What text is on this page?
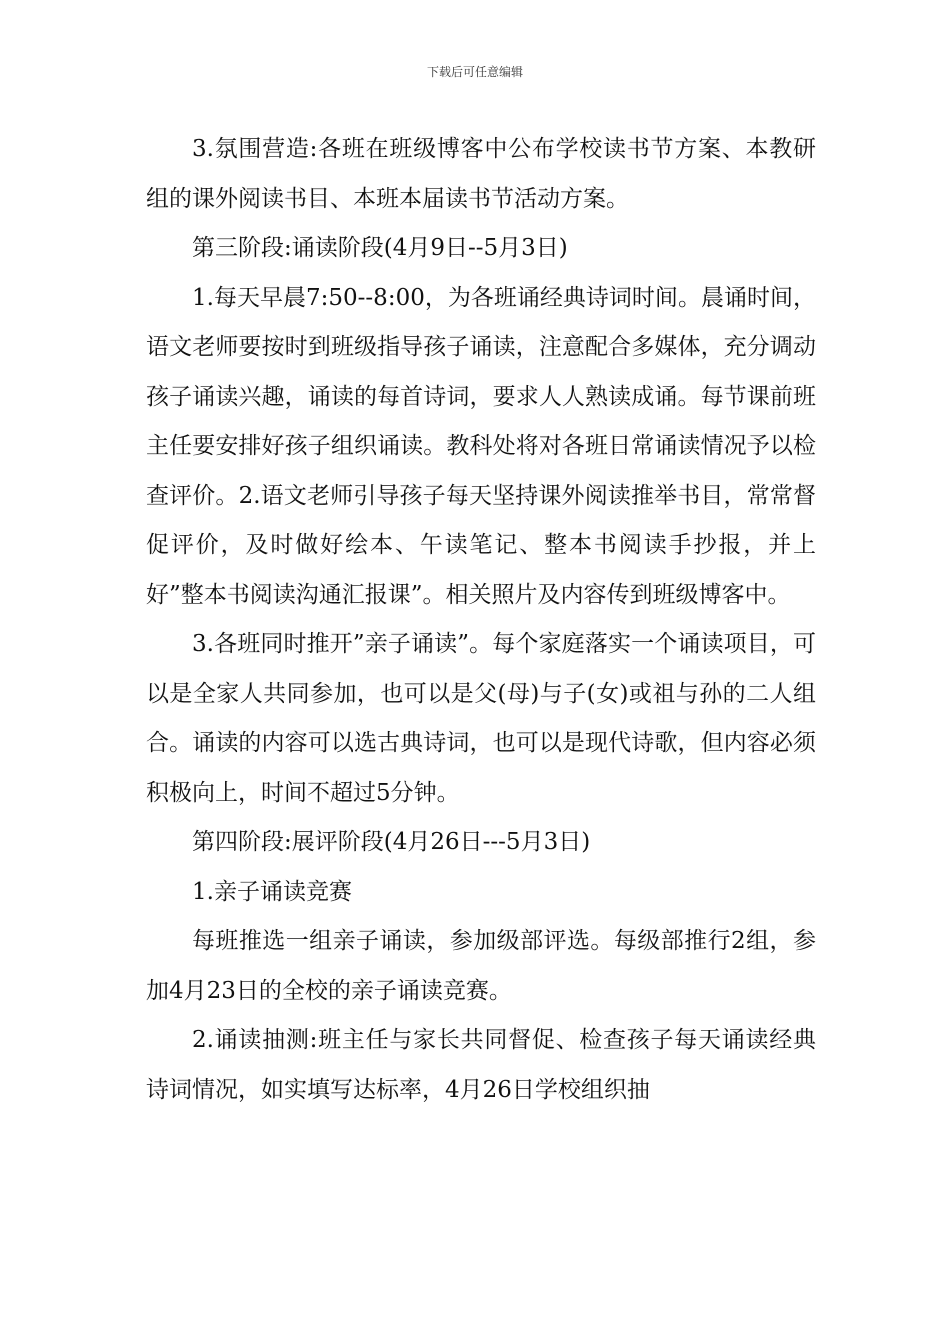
下载后可任意编辑

3.氛围营造:各班在班级博客中公布学校读书节方案、本教研组的课外阅读书目、本班本届读书节活动方案。

第三阶段:诵读阶段(4月9日--5月3日)

1.每天早晨7:50--8:00，为各班诵经典诗词时间。晨诵时间，语文老师要按时到班级指导孩子诵读，注意配合多媒体，充分调动孩子诵读兴趣，诵读的每首诗词，要求人人熟读成诵。每节课前班主任要安排好孩子组织诵读。教科处将对各班日常诵读情况予以检查评价。2.语文老师引导孩子每天坚持课外阅读推举书目，常常督促评价，及时做好绘本、午读笔记、整本书阅读手抄报，并上好”整本书阅读沟通汇报课”。相关照片及内容传到班级博客中。

3.各班同时推开”亲子诵读”。每个家庭落实一个诵读项目，可以是全家人共同参加，也可以是父(母)与子(女)或祖与孙的二人组合。诵读的内容可以选古典诗词，也可以是现代诗歌，但内容必须积极向上，时间不超过5分钟。

第四阶段:展评阶段(4月26日---5月3日)

1.亲子诵读竞赛

每班推选一组亲子诵读，参加级部评选。每级部推行2组，参加4月23日的全校的亲子诵读竞赛。

2.诵读抽测:班主任与家长共同督促、检查孩子每天诵读经典诗词情况，如实填写达标率，4月26日学校组织抽
